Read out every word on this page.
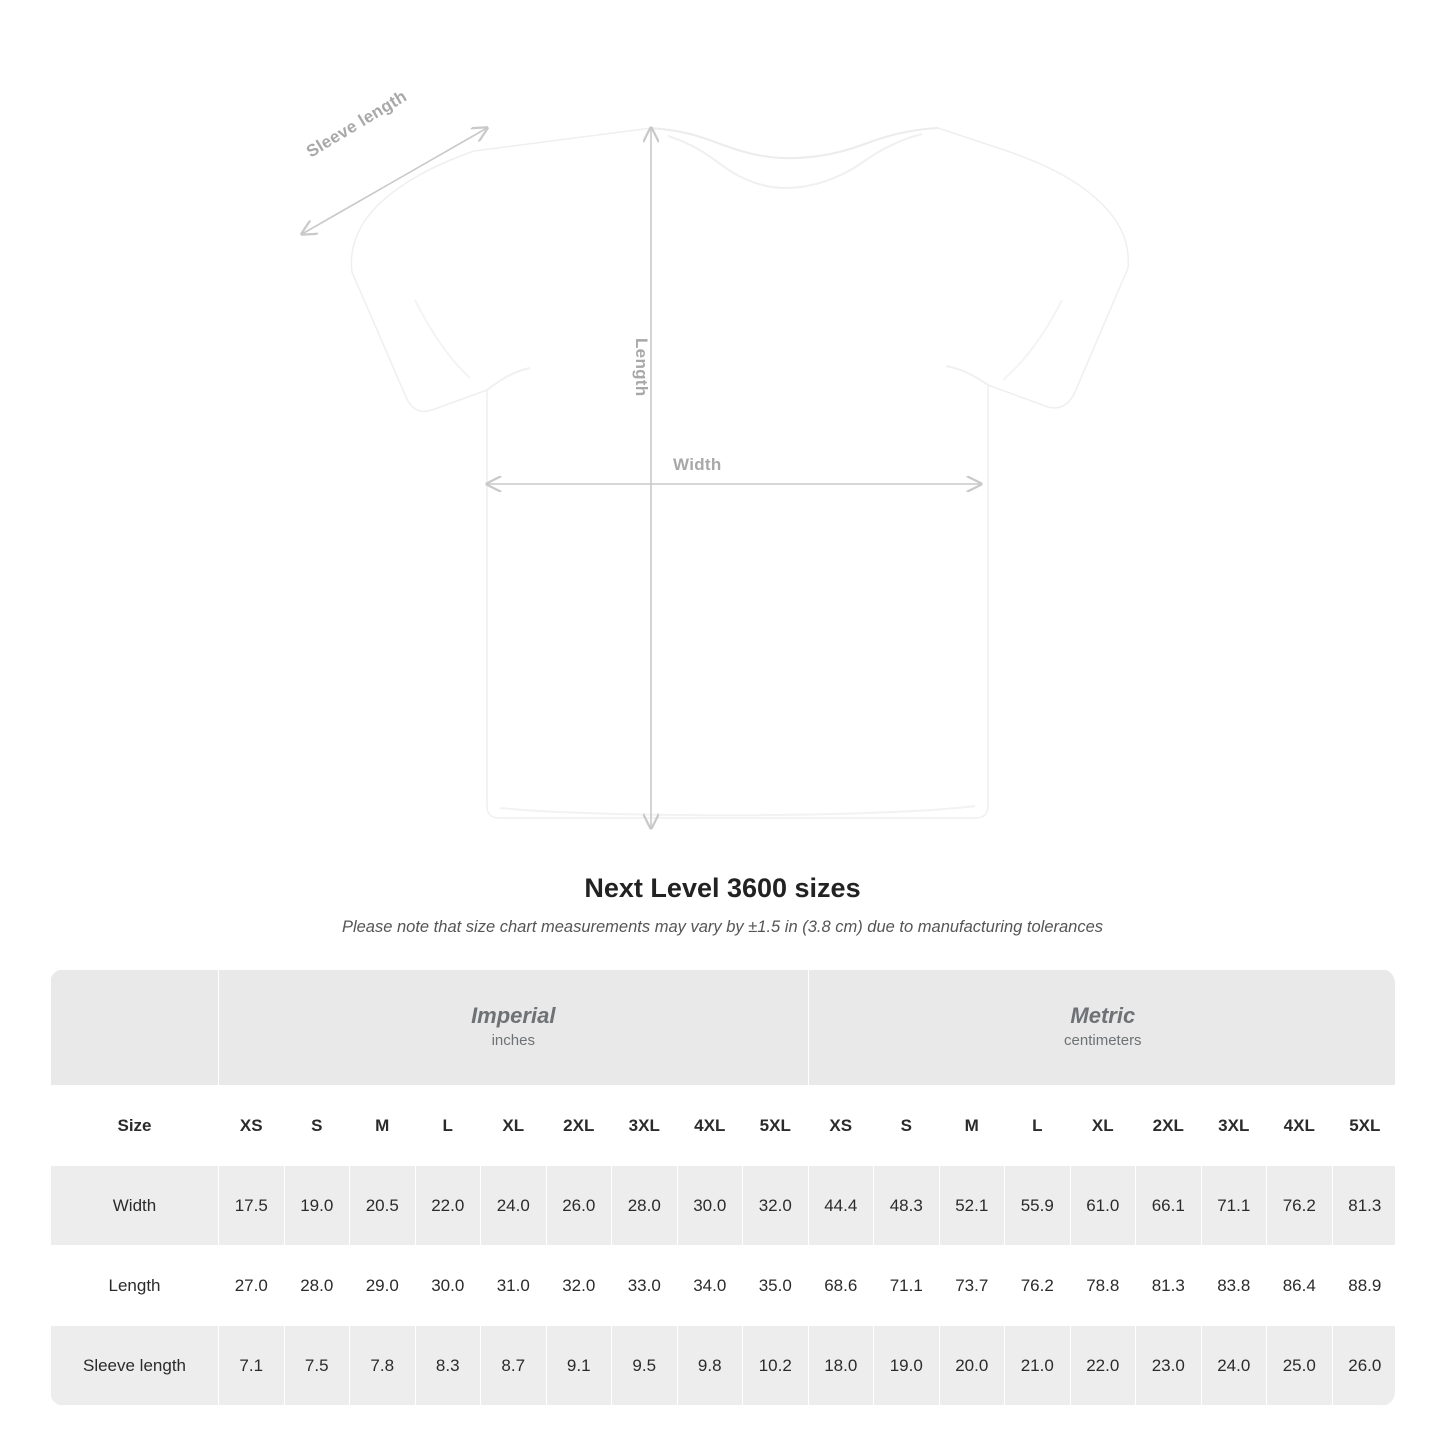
Sleeve length
Length
Width
Next Level 3600 sizes

Please note that size chart measurements may vary by ±1.5 in (3.8 cm) due to manufacturing tolerances

Imperial
inches

Metric
centimeters

Size	XS	S	M	L	XL	2XL	3XL	4XL	5XL	XS	S	M	L	XL	2XL	3XL	4XL	5XL
Width	17.5	19.0	20.5	22.0	24.0	26.0	28.0	30.0	32.0	44.4	48.3	52.1	55.9	61.0	66.1	71.1	76.2	81.3
Length	27.0	28.0	29.0	30.0	31.0	32.0	33.0	34.0	35.0	68.6	71.1	73.7	76.2	78.8	81.3	83.8	86.4	88.9
Sleeve length	7.1	7.5	7.8	8.3	8.7	9.1	9.5	9.8	10.2	18.0	19.0	20.0	21.0	22.0	23.0	24.0	25.0	26.0
